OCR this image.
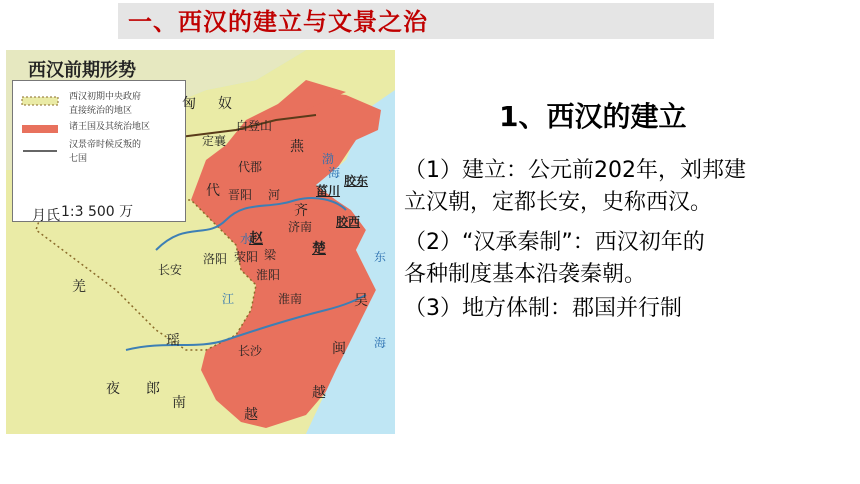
一、西汉的建立与文景之治
西汉初期中央政府
直接统治的地区
诸王国及其统治地区
汉景帝时候反叛的
七国
1:3 500 万
西汉前期形势
匈 奴
定襄
白登山
燕
代郡
代 晋阳 河
胶东
菑川
齐
济南 胶西
赵
梁	楚
荥阳
洛阳
长安	淮阳
淮南	吴
长沙	闽
越
越
南
瑶
夜 郎
羌
月氏
渤
海
东
海
江
水
1、西汉的建立
（1）建立：公元前202年，刘邦建
立汉朝，定都长安，史称西汉。
（2）“汉承秦制”：西汉初年的
各种制度基本沿袭秦朝。
（3）地方体制：郡国并行制
